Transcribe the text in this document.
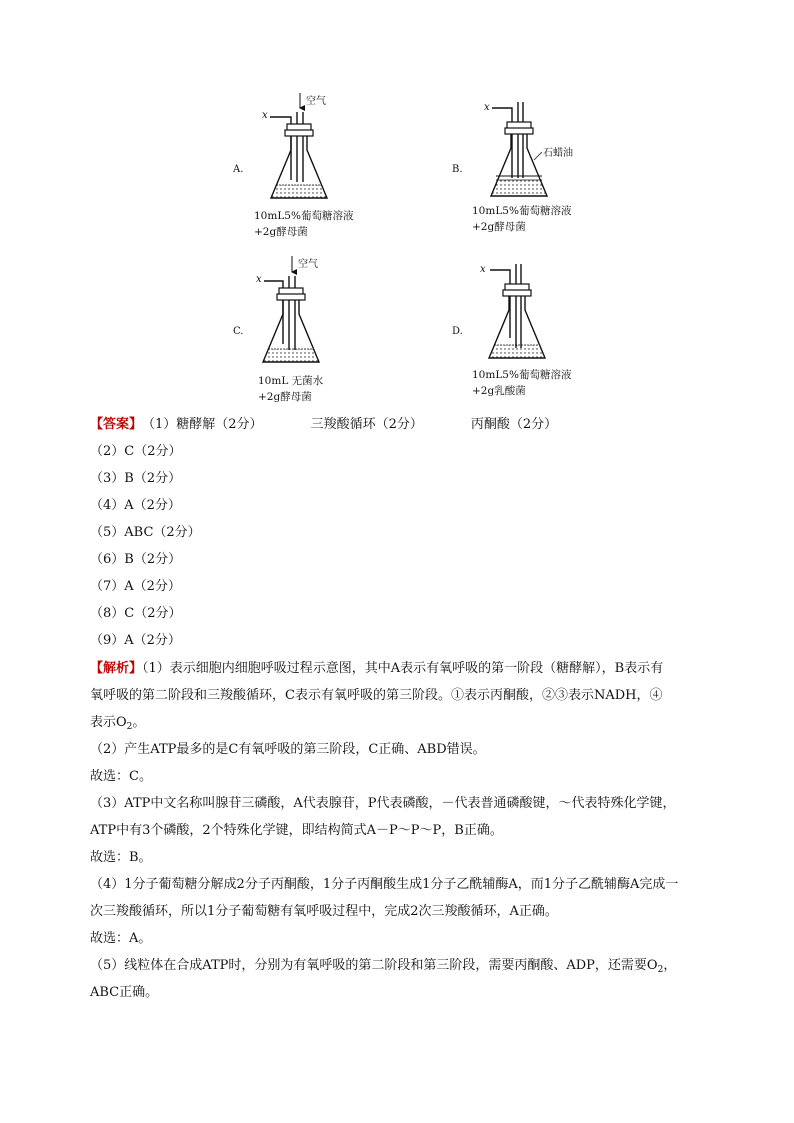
A.
x
空气
10mL5%葡萄糖溶液
+2g酵母菌
B.
x
石蜡油
10mL5%葡萄糖溶液
+2g酵母菌
C.
x
空气
10mL 无菌水
+2g酵母菌
D.
x
10mL5%葡萄糖溶液
+2g乳酸菌
【答案】 （1）糖酵解（2分）	三羧酸循环（2分）	丙酮酸（2分）
（2）C（2分）
（3）B（2分）
（4）A（2分）
（5）ABC（2分）
（6）B（2分）
（7）A（2分）
（8）C（2分）
（9）A（2分）
【解析】（1）表示细胞内细胞呼吸过程示意图，其中A表示有氧呼吸的第一阶段（糖酵解），B表示有
氧呼吸的第二阶段和三羧酸循环，C表示有氧呼吸的第三阶段。①表示丙酮酸，②③表示NADH，④
表示$O_2$。
（2）产生ATP最多的是C有氧呼吸的第三阶段，C正确、ABD错误。
故选：C。
（3）ATP中文名称叫腺苷三磷酸，A代表腺苷，P代表磷酸，－代表普通磷酸键，～代表特殊化学键，
ATP中有3个磷酸，2个特殊化学键，即结构简式A－P～P～P，B正确。
故选：B。
（4）1分子葡萄糖分解成2分子丙酮酸，1分子丙酮酸生成1分子乙酰辅酶A，而1分子乙酰辅酶A完成一
次三羧酸循环，所以1分子葡萄糖有氧呼吸过程中，完成2次三羧酸循环，A正确。
故选：A。
（5）线粒体在合成ATP时，分别为有氧呼吸的第二阶段和第三阶段，需要丙酮酸、ADP，还需要$O_2$，
ABC正确。
